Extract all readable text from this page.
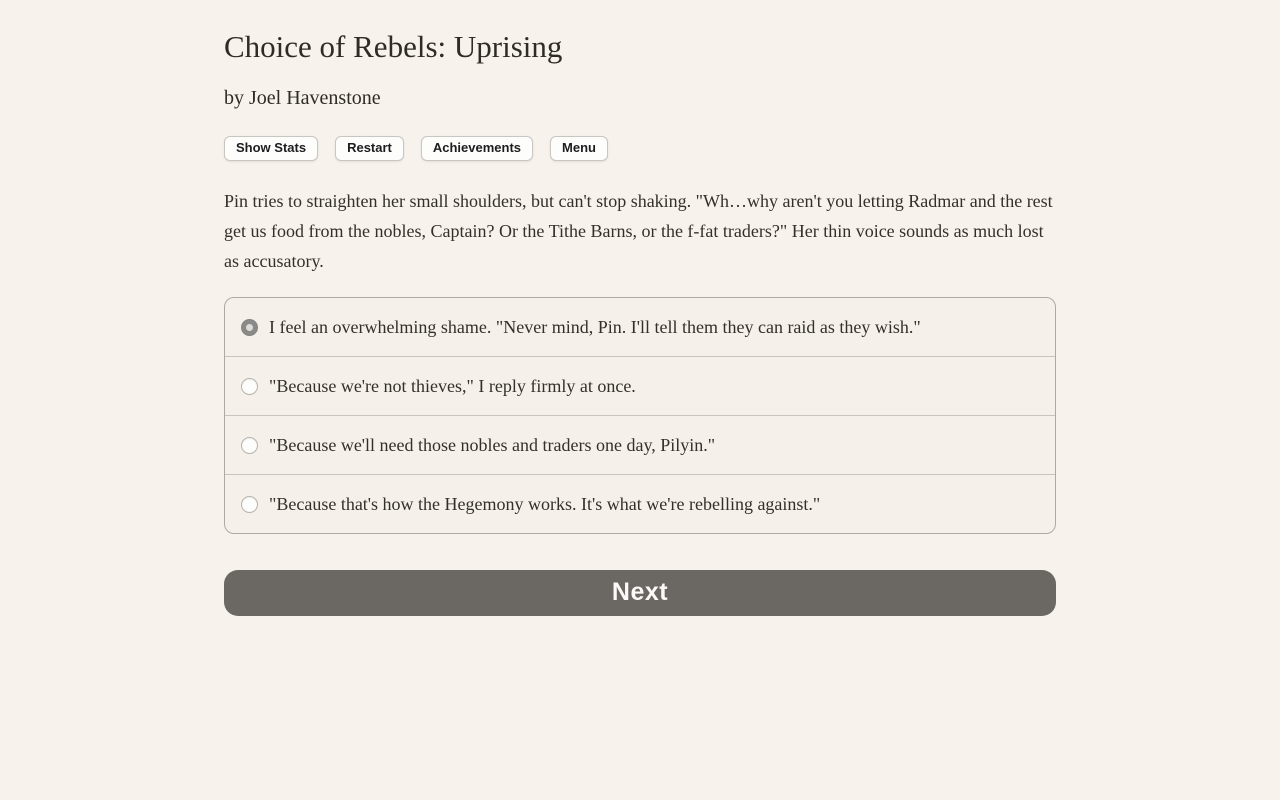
Choice of Rebels: Uprising
by Joel Havenstone
Show Stats	Restart	Achievements	Menu

Pin tries to straighten her small shoulders, but can't stop shaking. "Wh…why aren't you letting Radmar and the rest get us food from the nobles, Captain? Or the Tithe Barns, or the f-fat traders?" Her thin voice sounds as much lost as accusatory.

I feel an overwhelming shame. "Never mind, Pin. I'll tell them they can raid as they wish."
"Because we're not thieves," I reply firmly at once.
"Because we'll need those nobles and traders one day, Pilyin."
"Because that's how the Hegemony works. It's what we're rebelling against."
Next
